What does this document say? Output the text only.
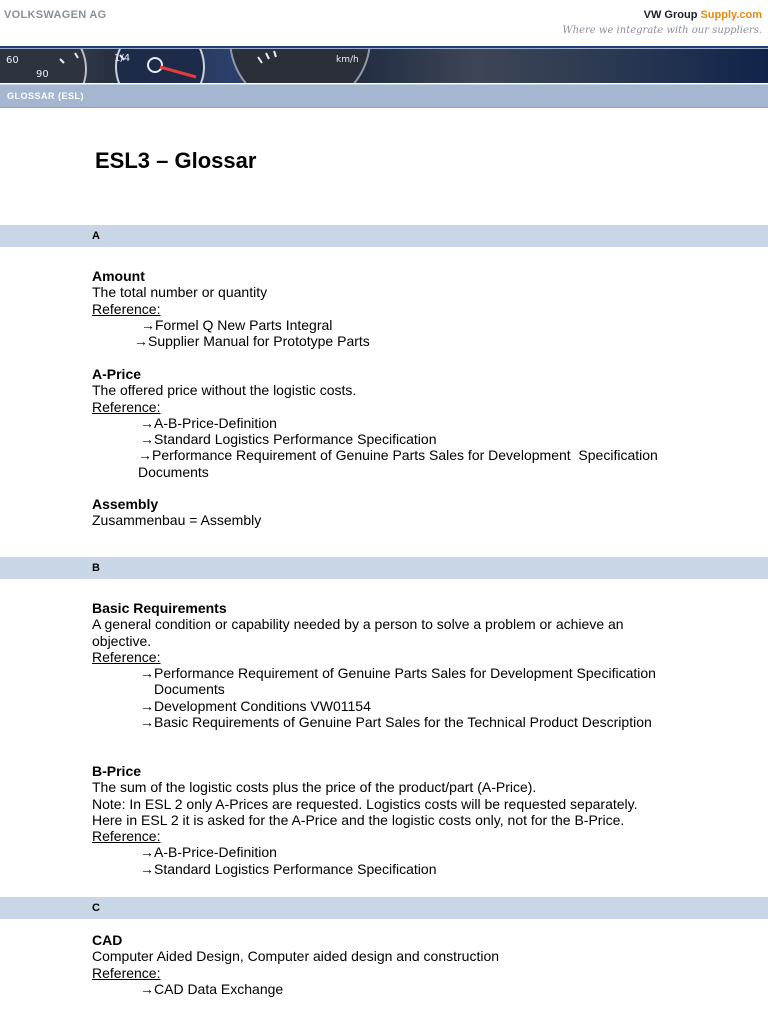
VOLKSWAGEN AG	VW Group Supply.com
Where we integrate with our suppliers.
60
90
1/4	km/h
GLOSSAR (ESL)
ESL3 – Glossar
A
Amount
The total number or quantity
Reference:
→Formel Q New Parts Integral
→Supplier Manual for Prototype Parts
A-Price
The offered price without the logistic costs.
Reference:
→A-B-Price-Definition
→Standard Logistics Performance Specification
→Performance Requirement of Genuine Parts Sales for Development  Specification
Documents
Assembly
Zusammenbau = Assembly
B
Basic Requirements
A general condition or capability needed by a person to solve a problem or achieve an
objective.
Reference:
→Performance Requirement of Genuine Parts Sales for Development Specification
Documents
→Development Conditions VW01154
→Basic Requirements of Genuine Part Sales for the Technical Product Description
B-Price
The sum of the logistic costs plus the price of the product/part (A-Price).
Note: In ESL 2 only A-Prices are requested. Logistics costs will be requested separately.
Here in ESL 2 it is asked for the A-Price and the logistic costs only, not for the B-Price.
Reference:
→A-B-Price-Definition
→Standard Logistics Performance Specification
C
CAD
Computer Aided Design, Computer aided design and construction
Reference:
→CAD Data Exchange
